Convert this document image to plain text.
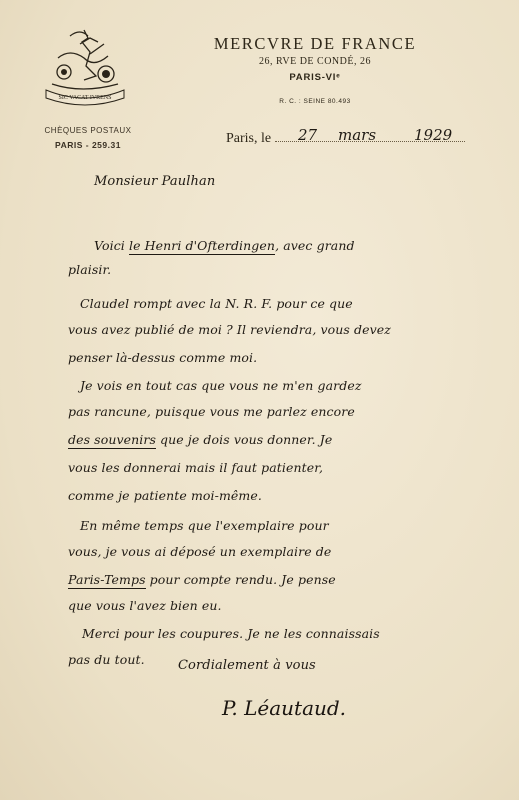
SIC VACAT IVRENS
CHÈQUES POSTAUX
PARIS - 259.31
MERCVRE DE FRANCE
26, RVE DE CONDÉ, 26
PARIS-VIᵉ
R. C. : SEINE 80.493
Paris, le	27 mars	1929
Monsieur Paulhan
Voici le Henri d'Ofterdingen, avec grand
plaisir.
Claudel rompt avec la N. R. F. pour ce que
vous avez publié de moi ? Il reviendra, vous devez
penser là-dessus comme moi.
Je vois en tout cas que vous ne m'en gardez
pas rancune, puisque vous me parlez encore
des souvenirs que je dois vous donner. Je
vous les donnerai mais il faut patienter,
comme je patiente moi-même.
En même temps que l'exemplaire pour
vous, je vous ai déposé un exemplaire de
Paris-Temps pour compte rendu. Je pense
que vous l'avez bien eu.
Merci pour les coupures. Je ne les connaissais
pas du tout.	Cordialement à vous
P. Léautaud.
